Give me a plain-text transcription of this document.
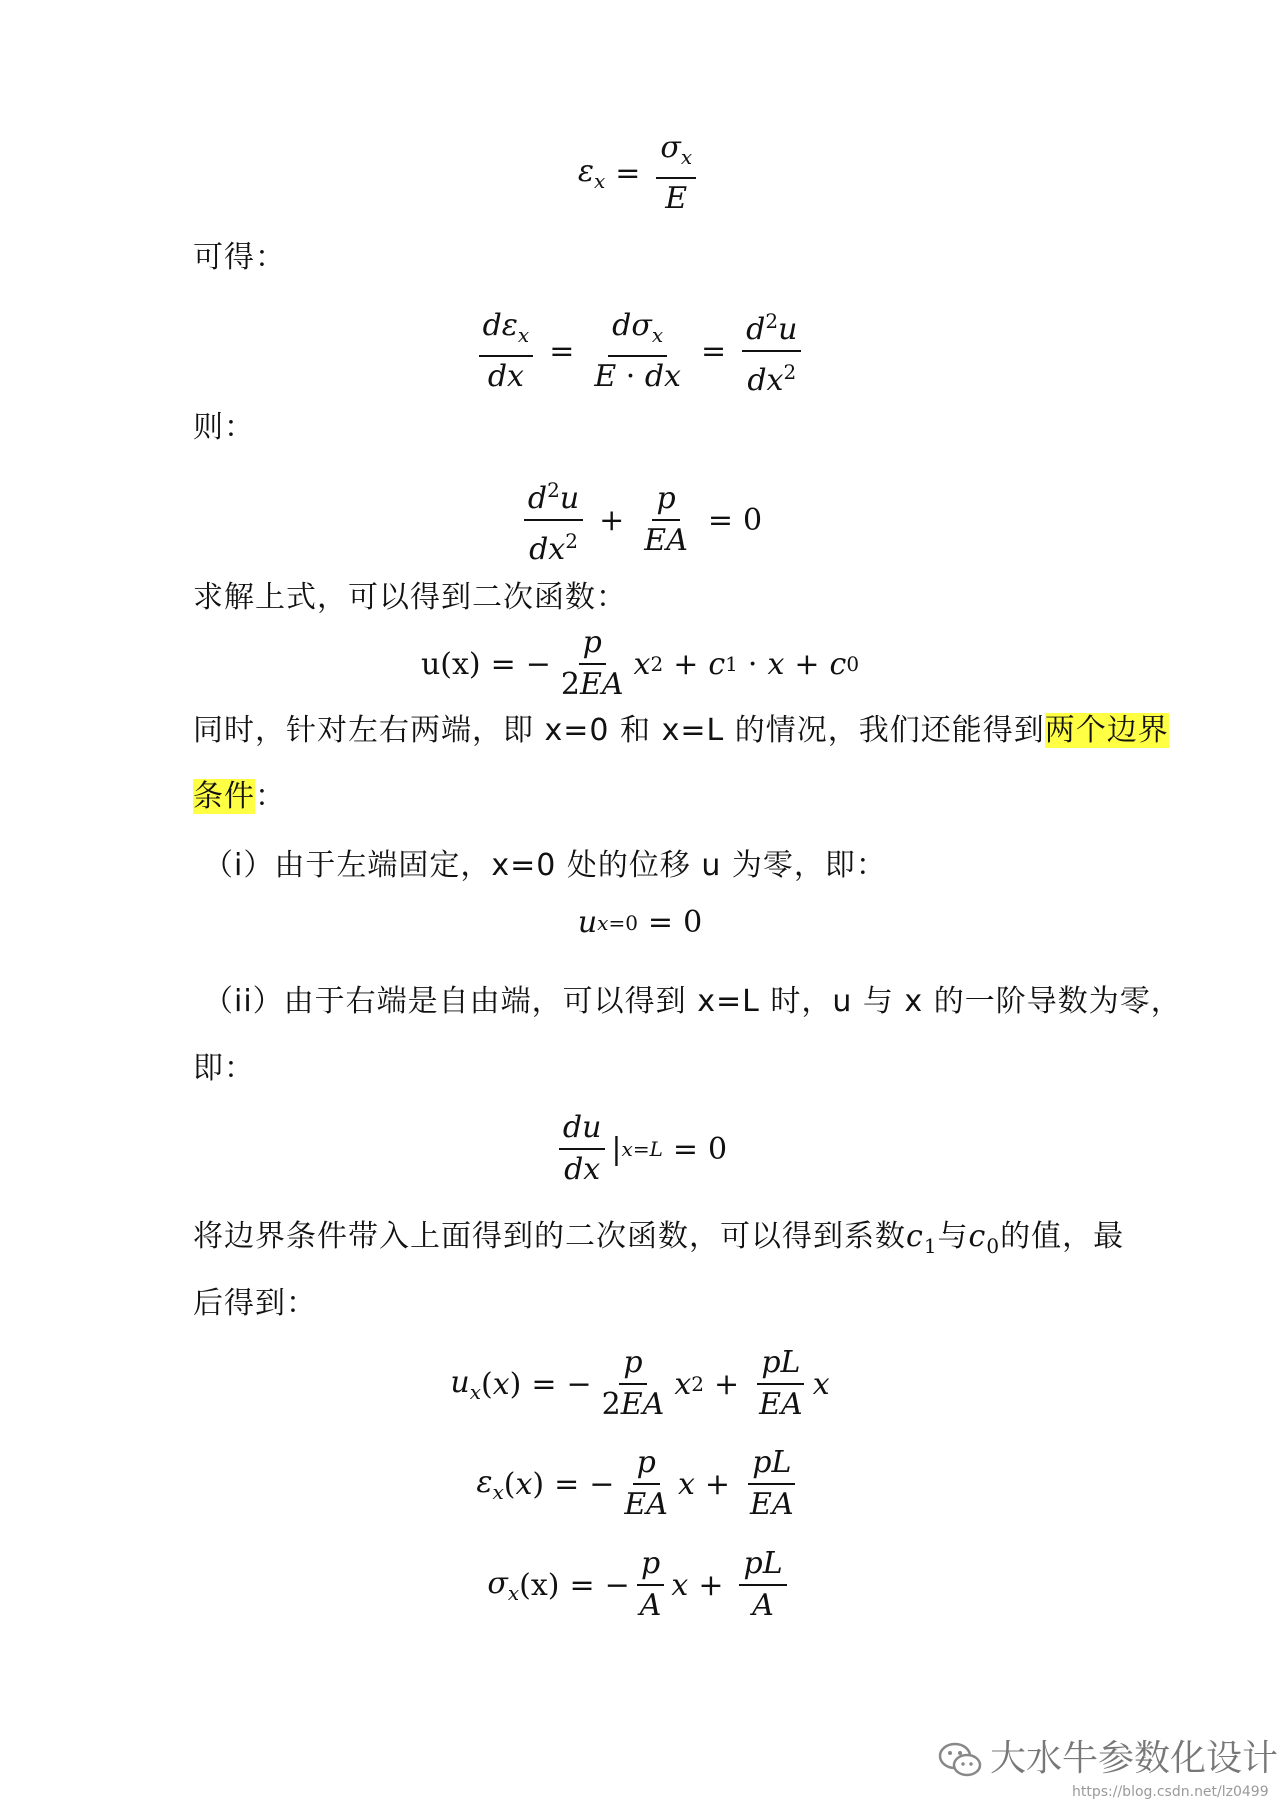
$\varepsilon_x = \frac{\sigma_x}{E}$
可得：
$\frac{d\varepsilon_x}{dx} = \frac{d\sigma_x}{E \cdot dx} = \frac{d^2u}{dx^2}$
则：
$\frac{d^2u}{dx^2} + \frac{p}{EA} = 0$
求解上式，可以得到二次函数：
u(x) = − $\frac{p}{2EA}$ x 2 + c 1 · x + c 0
同时，针对左右两端，即 x=0 和 x=L 的情况，我们还能得到两个边界
条件：
（i）由于左端固定，x=0 处的位移 u 为零，即：
u x=0 = 0
（ii）由于右端是自由端，可以得到 x=L 时，u 与 x 的一阶导数为零，
即：
$\frac{du}{dx}$ | x=L = 0
将边界条件带入上面得到的二次函数，可以得到系数$c_1$与$c_0$的值，最
后得到：
$u_x$ (x) = − $\frac{p}{2EA}$ x $2 + \frac{pL}{EA}$ x
$\varepsilon_x$ (x) = − $\frac{p}{EA}$ $x + \frac{pL}{EA}$
$\sigma_x$ (x) = − $\frac{p}{A}$ $x + \frac{pL}{A}$
大水牛参数化设计
https://blog.csdn.net/lz0499
